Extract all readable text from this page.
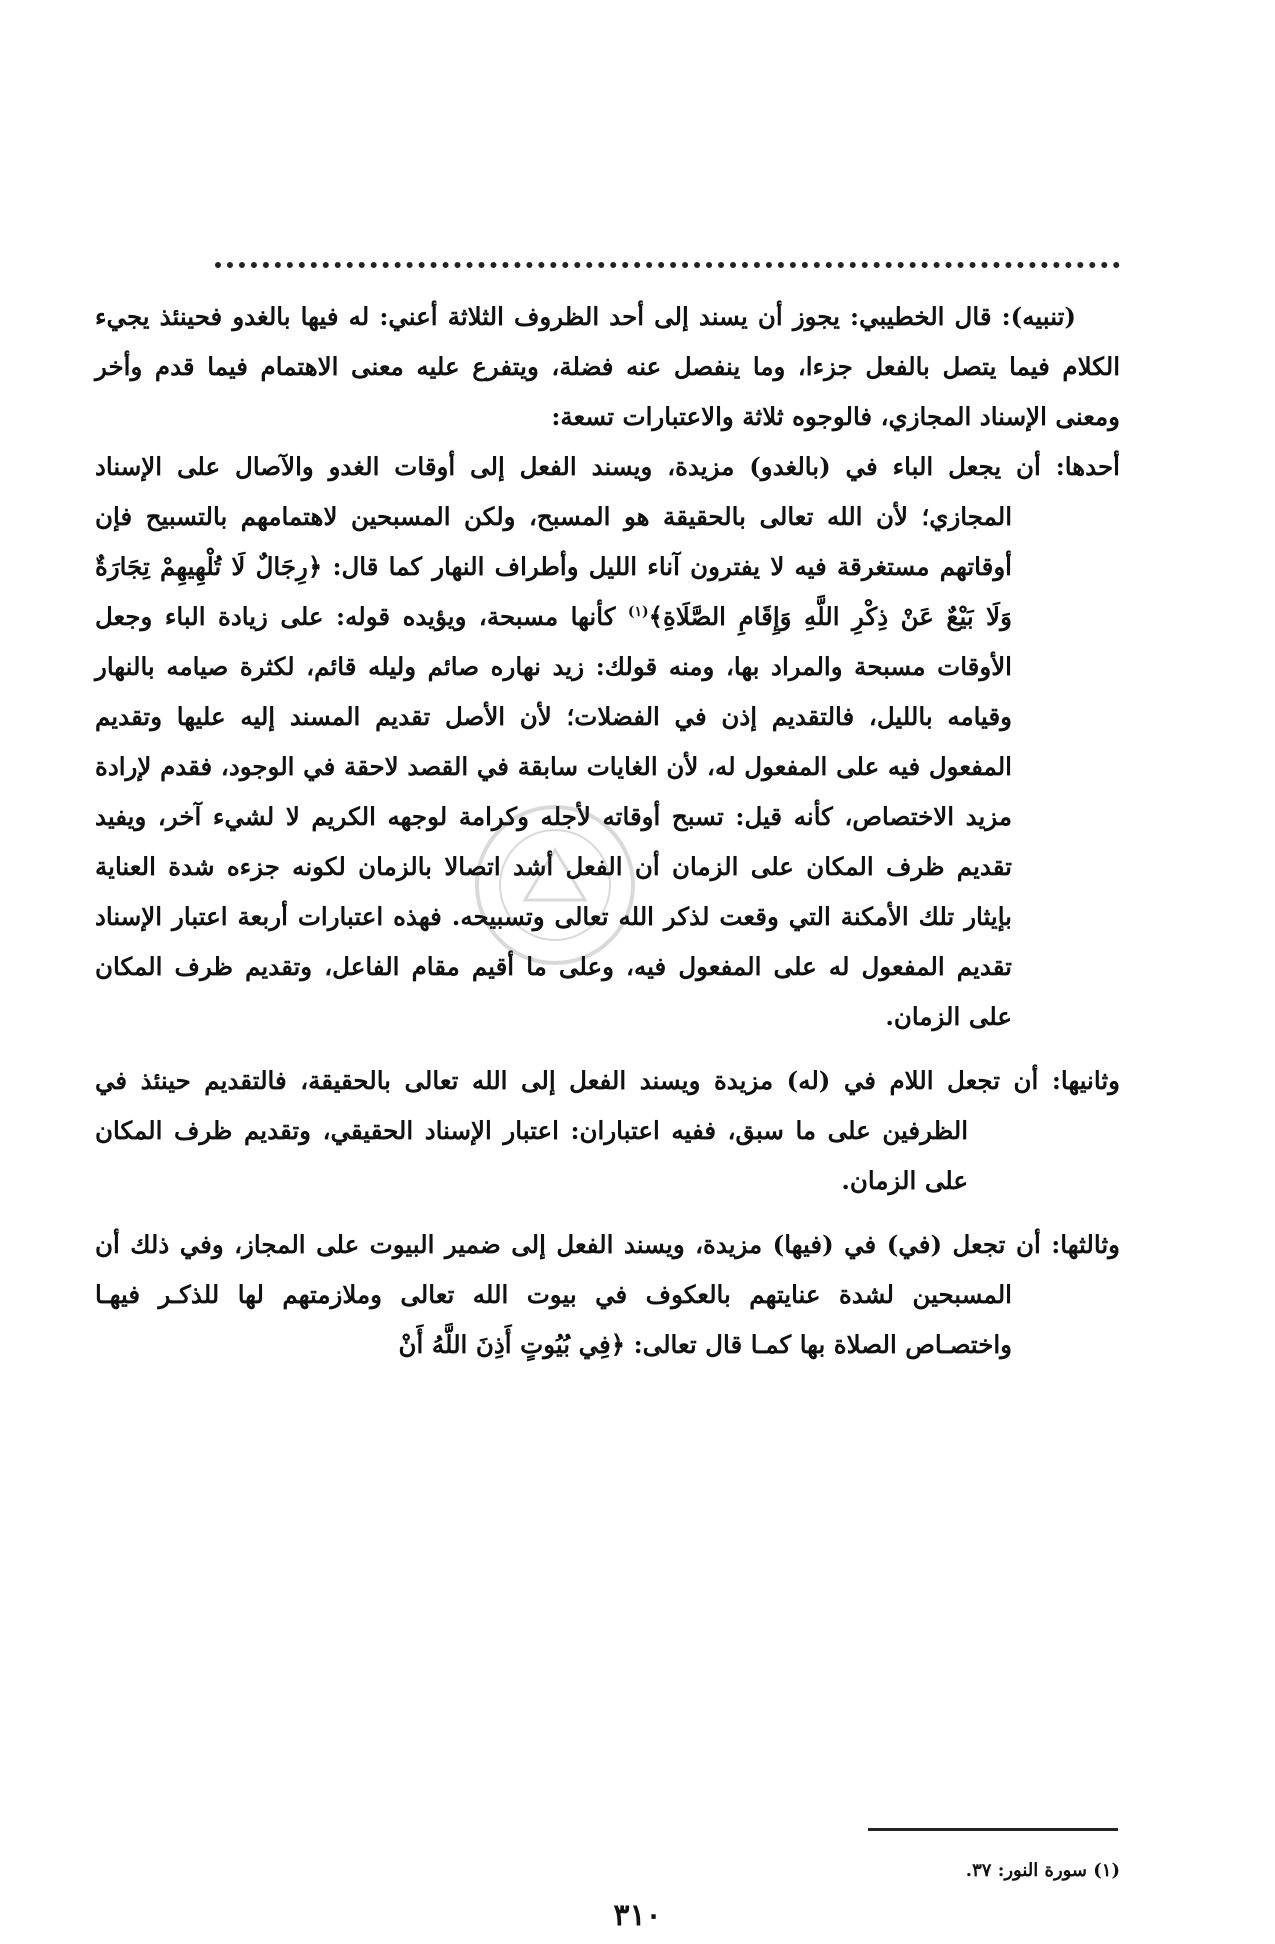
(تنبيه): قال الخطيبي: يجوز أن يسند إلى أحد الظروف الثلاثة أعني: له فيها بالغدو فحينئذ يجيء الكلام فيما يتصل بالفعل جزءا، وما ينفصل عنه فضلة، ويتفرع عليه معنى الاهتمام فيما قدم وأخر ومعنى الإسناد المجازي، فالوجوه ثلاثة والاعتبارات تسعة:

أحدها: أن يجعل الباء في (بالغدو) مزيدة، ويسند الفعل إلى أوقات الغدو والآصال على الإسناد المجازي؛ لأن الله تعالى بالحقيقة هو المسبح، ولكن المسبحين لاهتمامهم بالتسبيح فإن أوقاتهم مستغرقة فيه لا يفترون آناء الليل وأطراف النهار كما قال: ﴿رِجَالٌ لَا تُلْهِيهِمْ تِجَارَةٌ وَلَا بَيْعٌ عَنْ ذِكْرِ اللَّهِ وَإِقَامِ الصَّلَاةِ﴾$^{(١)}$ كأنها مسبحة، ويؤيده قوله: على زيادة الباء وجعل الأوقات مسبحة والمراد بها، ومنه قولك: زيد نهاره صائم وليله قائم، لكثرة صيامه بالنهار وقيامه بالليل، فالتقديم إذن في الفضلات؛ لأن الأصل تقديم المسند إليه عليها وتقديم المفعول فيه على المفعول له، لأن الغايات سابقة في القصد لاحقة في الوجود، فقدم لإرادة مزيد الاختصاص، كأنه قيل: تسبح أوقاته لأجله وكرامة لوجهه الكريم لا لشيء آخر، ويفيد تقديم ظرف المكان على الزمان أن الفعل أشد اتصالا بالزمان لكونه جزءه شدة العناية بإيثار تلك الأمكنة التي وقعت لذكر الله تعالى وتسبيحه. فهذه اعتبارات أربعة اعتبار الإسناد تقديم المفعول له على المفعول فيه، وعلى ما أقيم مقام الفاعل، وتقديم ظرف المكان على الزمان.

وثانيها: أن تجعل اللام في (له) مزيدة ويسند الفعل إلى الله تعالى بالحقيقة، فالتقديم حينئذ في الظرفين على ما سبق، ففيه اعتباران: اعتبار الإسناد الحقيقي، وتقديم ظرف المكان على الزمان.

وثالثها: أن تجعل (في) في (فيها) مزيدة، ويسند الفعل إلى ضمير البيوت على المجاز، وفي ذلك أن المسبحين لشدة عنايتهم بالعكوف في بيوت الله تعالى وملازمتهم لها للذكـر فيهـا واختصـاص الصلاة بها كمـا قال تعالى: ﴿فِي بُيُوتٍ أَذِنَ اللَّهُ أَنْ

(١) سورة النور: ٣٧.
٣١٠
